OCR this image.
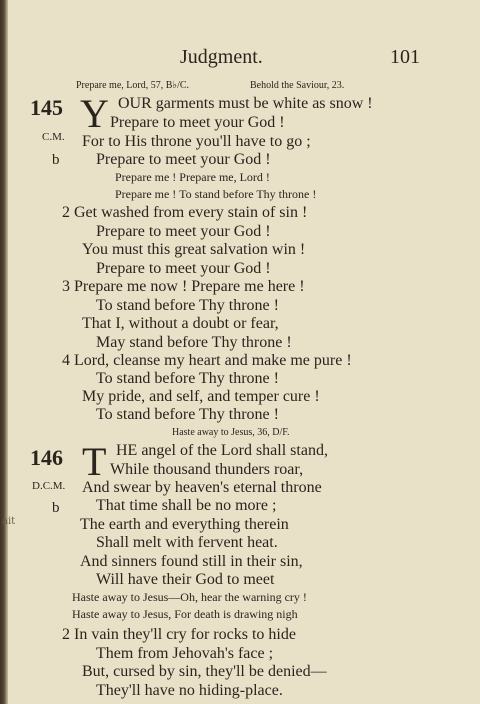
ait
Judgment.	101
Prepare me, Lord, 57, B♭/C.	Behold the Saviour, 23.
145 Y
C.M.
b
OUR garments must be white as snow !
Prepare to meet your God !
For to His throne you'll have to go ;
Prepare to meet your God !
Prepare me ! Prepare me, Lord !
Prepare me ! To stand before Thy throne !
2 Get washed from every stain of sin !
Prepare to meet your God !
You must this great salvation win !
Prepare to meet your God !
3 Prepare me now ! Prepare me here !
To stand before Thy throne !
That I, without a doubt or fear,
May stand before Thy throne !
4 Lord, cleanse my heart and make me pure !
To stand before Thy throne !
My pride, and self, and temper cure !
To stand before Thy throne !
Haste away to Jesus, 36, D/F.
146 T
D.C.M.
b
HE angel of the Lord shall stand,
While thousand thunders roar,
And swear by heaven's eternal throne
That time shall be no more ;
The earth and everything therein
Shall melt with fervent heat.
And sinners found still in their sin,
Will have their God to meet
Haste away to Jesus—Oh, hear the warning cry !
Haste away to Jesus, For death is drawing nigh
2 In vain they'll cry for rocks to hide
Them from Jehovah's face ;
But, cursed by sin, they'll be denied—
They'll have no hiding-place.
